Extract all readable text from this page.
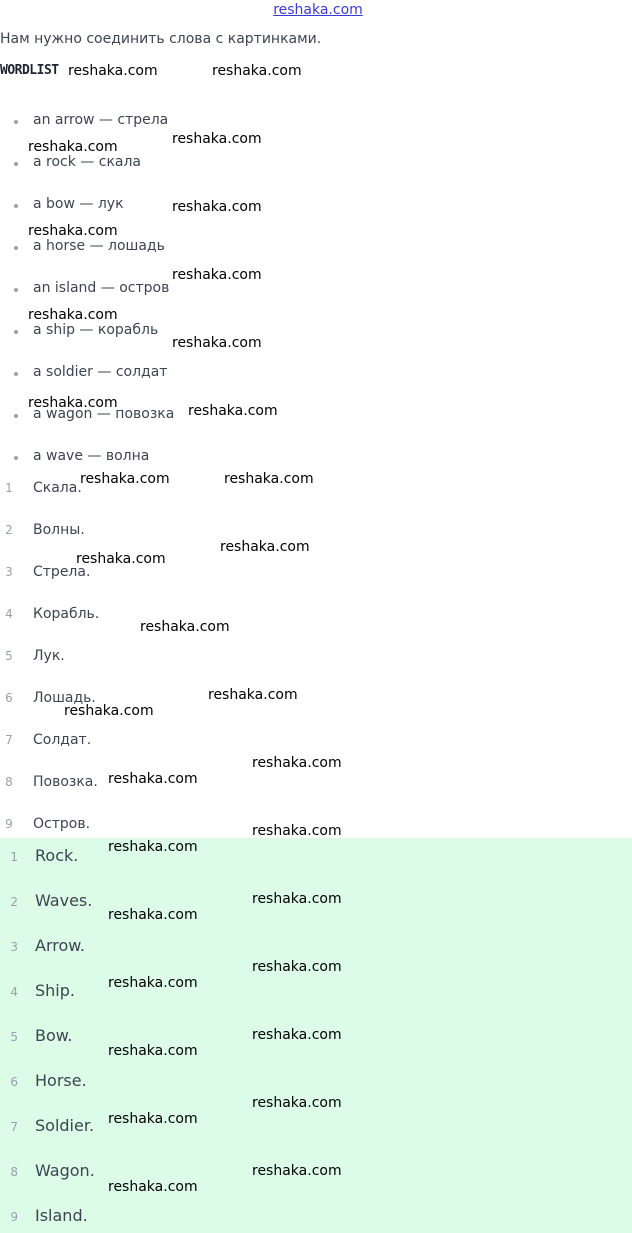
reshaka.com
Нам нужно соединить слова с картинками.
WORDLIST
an arrow — стрела
a rock — скала
a bow — лук
a horse — лошадь
an island — остров
a ship — корабль
a soldier — солдат
a wagon — повозка
a wave — волна
1 Скала.
2 Волны.
3 Стрела.
4 Корабль.
5 Лук.
6 Лошадь.
7 Солдат.
8 Повозка.
9 Остров.
1 Rock.
2 Waves.
3 Arrow.
4 Ship.
5 Bow.
6 Horse.
7 Soldier.
8 Wagon.
9 Island.
reshaka.com	reshaka.com
reshaka.com
reshaka.com
reshaka.com
reshaka.com
reshaka.com
reshaka.com
reshaka.com
reshaka.com	reshaka.com
reshaka.com	reshaka.com
reshaka.com
reshaka.com
reshaka.com
reshaka.com
reshaka.com
reshaka.com
reshaka.com
reshaka.com
reshaka.com
reshaka.com
reshaka.com
reshaka.com
reshaka.com
reshaka.com
reshaka.com
reshaka.com
reshaka.com
reshaka.com
reshaka.com
